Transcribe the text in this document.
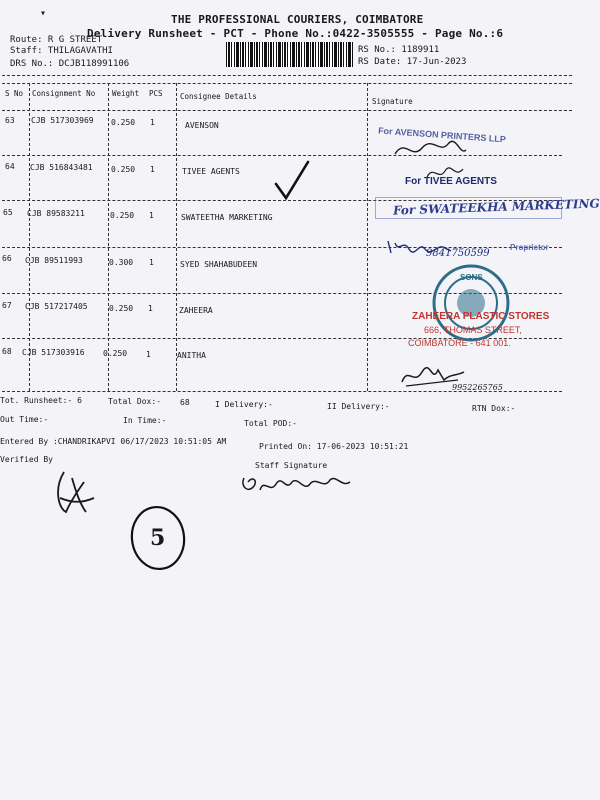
▾	THE PROFESSIONAL COURIERS, COIMBATORE
Delivery Runsheet - PCT - Phone No.:0422-3505555 - Page No.:6
Route: R G STREET
Staff: THILAGAVATHI
DRS No.: DCJB118991106
RS No.: 1189911
RS Date: 17-Jun-2023
S No Consignment No Weight PCS Consignee Details
Signature
63 CJB 517303969 0.250 1	AVENSON
64 CJB 516843481 0.250 1	TIVEE AGENTS
65 CJB 89583211	0.250 1	SWATEETHA MARKETING
66 CJB 89511993	0.300 1	SYED SHAHABUDEEN
67 CJB 517217405	0.250 1	ZAHEERA
68 CJB 517303916 0.250 1	ANITHA
For AVENSON PRINTERS LLP
For TIVEE AGENTS
For SWATEEKHA MARKETING
9841750599
Proprietor
SONS
ZAHEERA PLASTIC STORES
666, THOMAS STREET,
COIMBATORE - 641 001.
9952265765
Tot. Runsheet:- 6	Total Dox:- 68	I Delivery:-	II Delivery:-	RTN Dox:-
Out Time:-	In Time:-	Total POD:-
Entered By :CHANDRIKAPVI 06/17/2023 10:51:05 AM
Printed On: 17-06-2023 10:51:21
Verified By
Staff Signature
5
